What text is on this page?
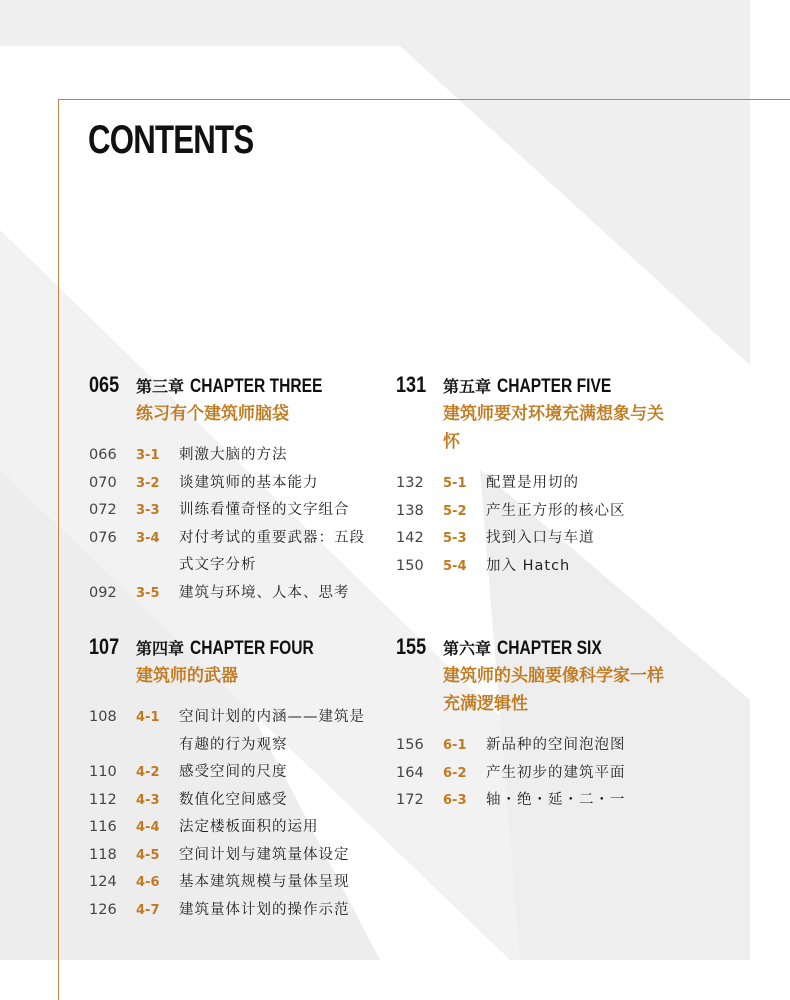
CONTENTS
065 第三章 CHAPTER THREE
练习有个建筑师脑袋
066 3-1 刺激大脑的方法
070 3-2 谈建筑师的基本能力
072 3-3 训练看懂奇怪的文字组合
076 3-4 对付考试的重要武器：五段式文字分析
092 3-5 建筑与环境、人本、思考
131 第五章 CHAPTER FIVE
建筑师要对环境充满想象与关怀
132 5-1 配置是用切的
138 5-2 产生正方形的核心区
142 5-3 找到入口与车道
150 5-4 加入 Hatch
107 第四章 CHAPTER FOUR
建筑师的武器
108 4-1 空间计划的内涵——建筑是有趣的行为观察
110 4-2 感受空间的尺度
112 4-3 数值化空间感受
116 4-4 法定楼板面积的运用
118 4-5 空间计划与建筑量体设定
124 4-6 基本建筑规模与量体呈现
126 4-7 建筑量体计划的操作示范
155 第六章 CHAPTER SIX
建筑师的头脑要像科学家一样充满逻辑性
156 6-1 新品种的空间泡泡图
164 6-2 产生初步的建筑平面
172 6-3 轴・绝・延・二・一
